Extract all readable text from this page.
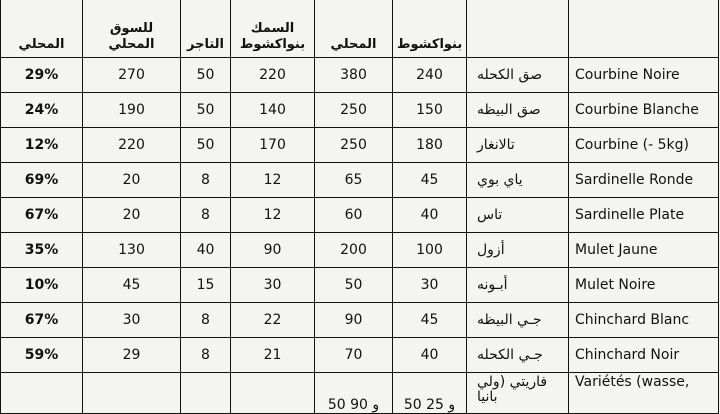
المحلي	للسوق المحلي	التاجر	السمك بنواكشوط	المحلي	بنواكشوط		
29%	270	50	220	380	240	صق الكحله	Courbine Noire
24%	190	50	140	250	150	صق البيظه	Courbine Blanche
12%	220	50	170	250	180	تالانغار	Courbine (- 5kg)
69%	20	8	12	65	45	ياي بوي	Sardinelle Ronde
67%	20	8	12	60	40	تاس	Sardinelle Plate
35%	130	40	90	200	100	أزول	Mulet Jaune
10%	45	15	30	50	30	أبـونه	Mulet Noire
67%	30	8	22	90	45	جـي البيظه	Chinchard Blanc
59%	29	8	21	70	40	جـي الكحله	Chinchard Noir
				50 و 90	50 و 25	فاريتي (ولي بانيا	Variétés (wasse,
